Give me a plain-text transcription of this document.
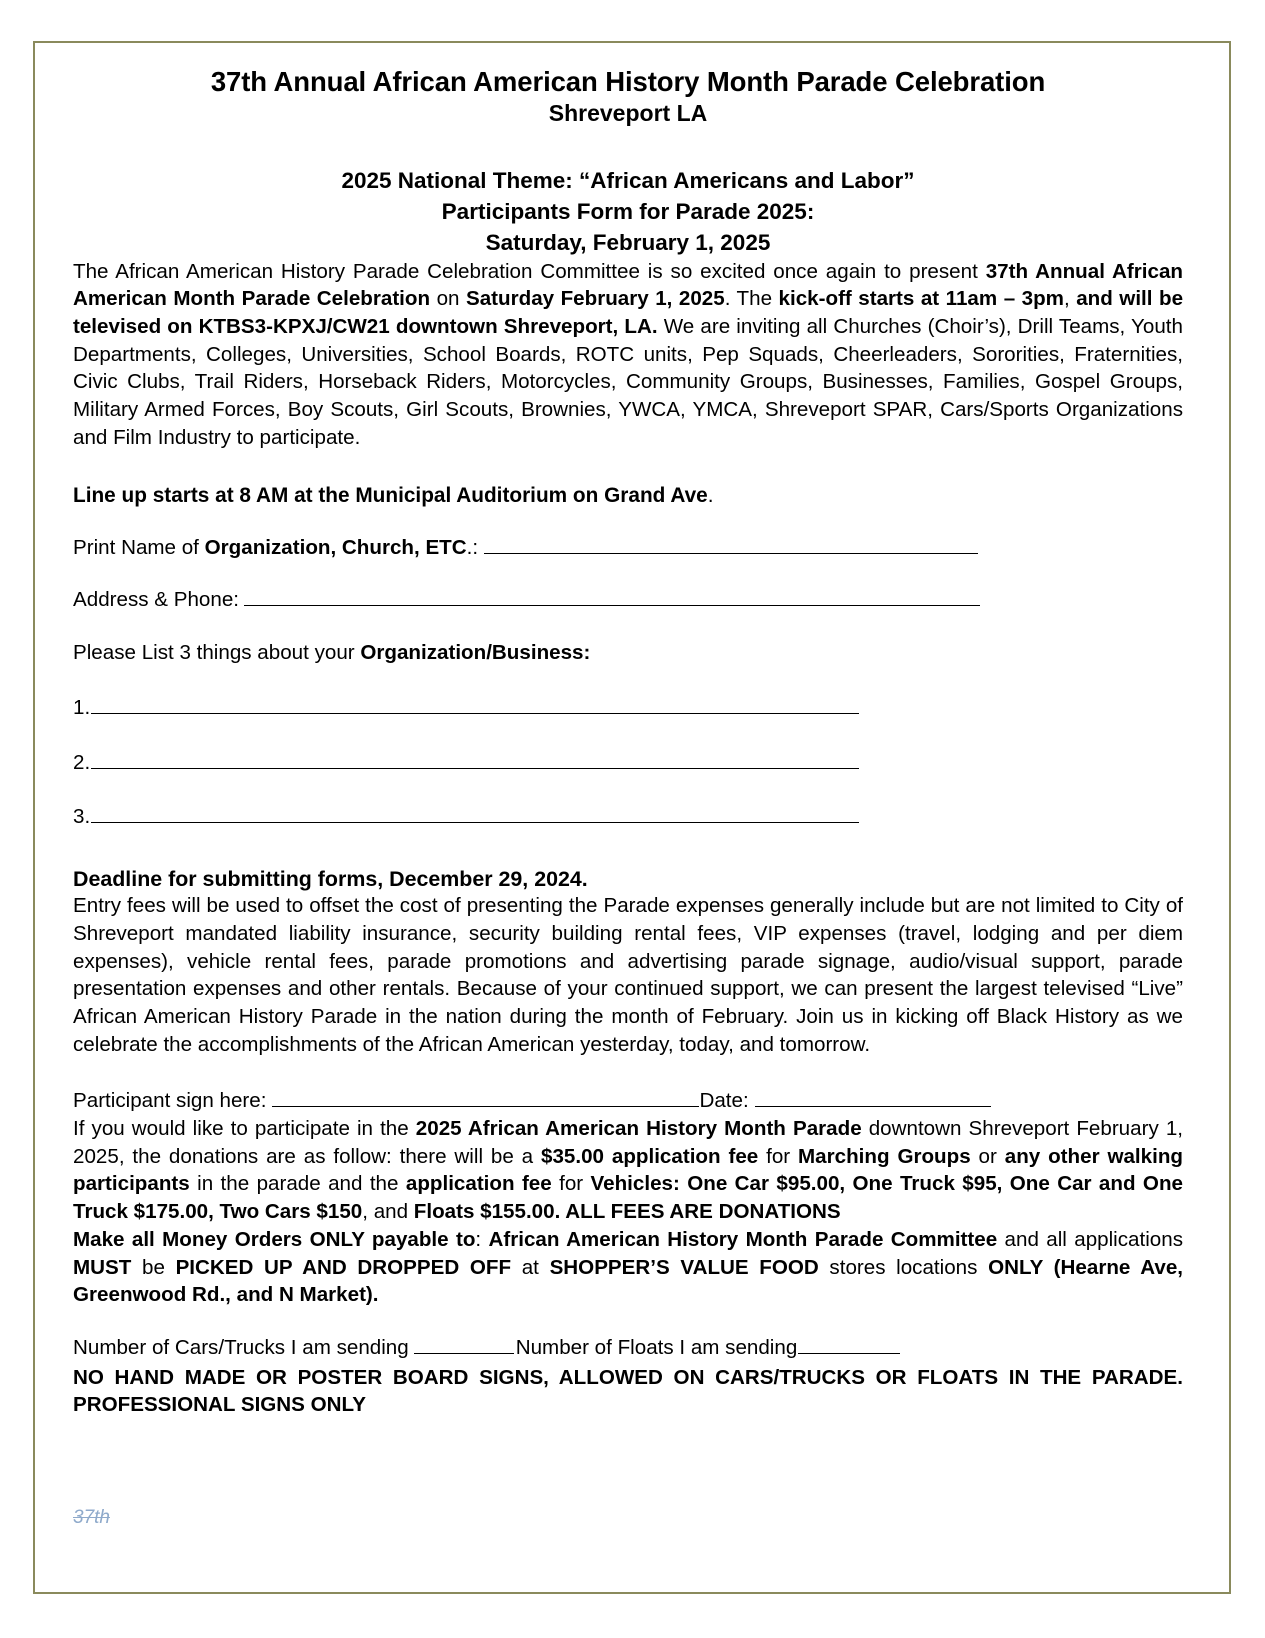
37th Annual African American History Month Parade Celebration
Shreveport LA
2025 National Theme: “African Americans and Labor”
Participants Form for Parade 2025:
Saturday, February 1, 2025

The African American History Parade Celebration Committee is so excited once again to present 37th Annual African American Month Parade Celebration on Saturday February 1, 2025. The kick-off starts at 11am – 3pm, and will be televised on KTBS3-KPXJ/CW21 downtown Shreveport, LA. We are inviting all Churches (Choir’s), Drill Teams, Youth Departments, Colleges, Universities, School Boards, ROTC units, Pep Squads, Cheerleaders, Sororities, Fraternities, Civic Clubs, Trail Riders, Horseback Riders, Motorcycles, Community Groups, Businesses, Families, Gospel Groups, Military Armed Forces, Boy Scouts, Girl Scouts, Brownies, YWCA, YMCA, Shreveport SPAR, Cars/Sports Organizations and Film Industry to participate.

Line up starts at 8 AM at the Municipal Auditorium on Grand Ave.
Print Name of Organization, Church, ETC.:
Address & Phone:
Please List 3 things about your Organization/Business:
1.
2.
3.
Deadline for submitting forms, December 29, 2024.

Entry fees will be used to offset the cost of presenting the Parade expenses generally include but are not limited to City of Shreveport mandated liability insurance, security building rental fees, VIP expenses (travel, lodging and per diem expenses), vehicle rental fees, parade promotions and advertising parade signage, audio/visual support, parade presentation expenses and other rentals. Because of your continued support, we can present the largest televised “Live” African American History Parade in the nation during the month of February. Join us in kicking off Black History as we celebrate the accomplishments of the African American yesterday, today, and tomorrow.

Participant sign here:	Date:

If you would like to participate in the 2025 African American History Month Parade downtown Shreveport February 1, 2025, the donations are as follow: there will be a $35.00 application fee for Marching Groups or any other walking participants in the parade and the application fee for Vehicles: One Car $95.00, One Truck $95, One Car and One Truck $175.00, Two Cars $150, and Floats $155.00. ALL FEES ARE DONATIONS

Make all Money Orders ONLY payable to: African American History Month Parade Committee and all applications MUST be PICKED UP AND DROPPED OFF at SHOPPER’S VALUE FOOD stores locations ONLY (Hearne Ave, Greenwood Rd., and N Market).

Number of Cars/Trucks I am sending	Number of Floats I am sending

NO HAND MADE OR POSTER BOARD SIGNS, ALLOWED ON CARS/TRUCKS OR FLOATS IN THE PARADE. PROFESSIONAL SIGNS ONLY

37th
